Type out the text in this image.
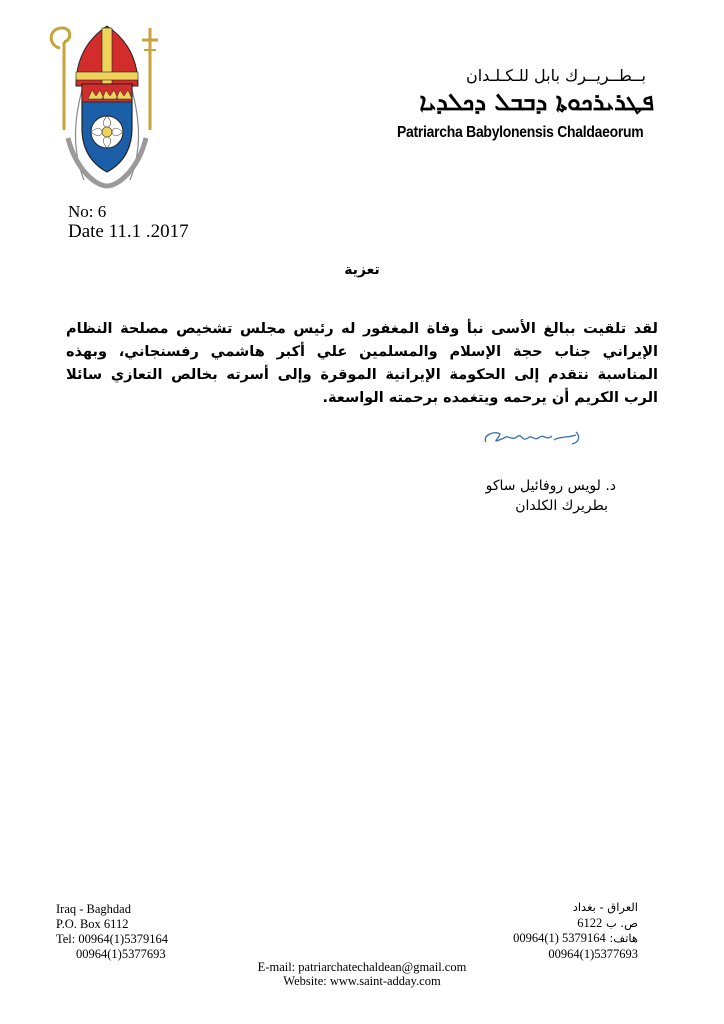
بــطــريــرك بابل للـكـلـدان
ܦܛܪܝܪܟܘܬܐ ܕܒܒܠ ܕܟܠܕܝܐ
Patriarcha Babylonensis Chaldaeorum
No: 6
Date 11.1 .2017
تعزية
لقد تلقيت ببالغ الأسى نبأ وفاة المغفور له رئيس مجلس تشخيص مصلحة النظام الإيراني جناب حجة الإسلام والمسلمين علي أكبر هاشمي رفسنجاني، وبهذه المناسبة نتقدم إلى الحكومة الإيرانية الموقرة وإلى أسرته بخالص التعازي سائلا الرب الكريم أن يرحمه ويتغمده برحمته الواسعة.
د. لويس روفائيل ساكو
بطريرك الكلدان
Iraq - Baghdad
P.O. Box 6112
Tel: 00964(1)5379164
00964(1)5377693
العراق - بغداد
ص. ب 6122
هاتف: 00964(1) 5379164
00964(1)5377693
E-mail: patriarchatechaldean@gmail.com
Website: www.saint-adday.com
